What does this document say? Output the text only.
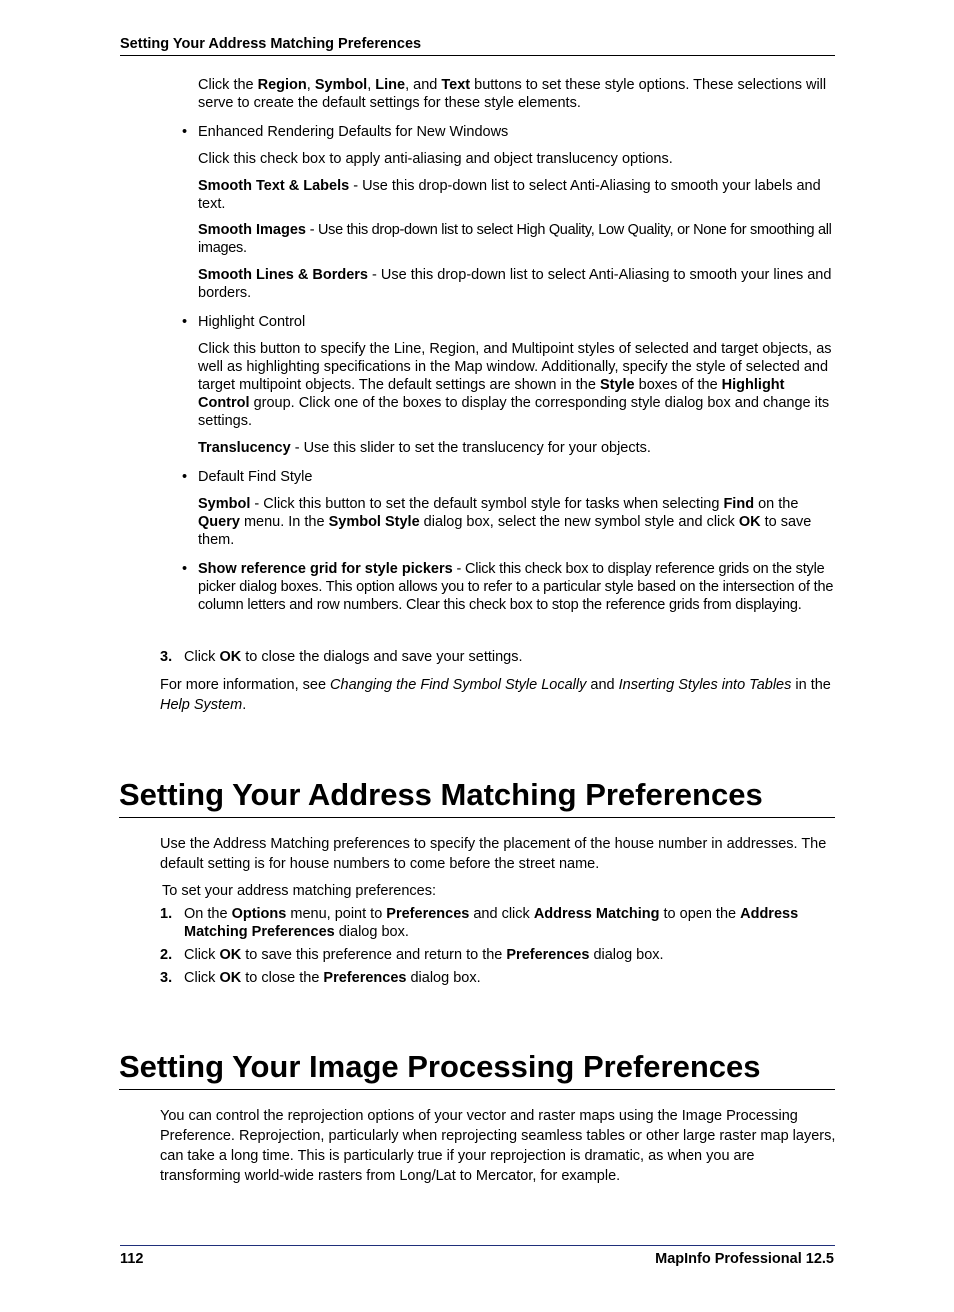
Setting Your Address Matching Preferences

Click the Region, Symbol, Line, and Text buttons to set these style options. These selections will serve to create the default settings for these style elements.

• Enhanced Rendering Defaults for New Windows

Click this check box to apply anti-aliasing and object translucency options.

Smooth Text & Labels - Use this drop-down list to select Anti-Aliasing to smooth your labels and text.

Smooth Images - Use this drop-down list to select High Quality, Low Quality, or None for smoothing all images.

Smooth Lines & Borders - Use this drop-down list to select Anti-Aliasing to smooth your lines and borders.

• Highlight Control

Click this button to specify the Line, Region, and Multipoint styles of selected and target objects, as well as highlighting specifications in the Map window. Additionally, specify the style of selected and target multipoint objects. The default settings are shown in the Style boxes of the Highlight Control group. Click one of the boxes to display the corresponding style dialog box and change its settings.

Translucency - Use this slider to set the translucency for your objects.

• Default Find Style

Symbol - Click this button to set the default symbol style for tasks when selecting Find on the Query menu. In the Symbol Style dialog box, select the new symbol style and click OK to save them.

• Show reference grid for style pickers - Click this check box to display reference grids on the style picker dialog boxes. This option allows you to refer to a particular style based on the intersection of the column letters and row numbers. Clear this check box to stop the reference grids from displaying.

3. Click OK to close the dialogs and save your settings.

For more information, see Changing the Find Symbol Style Locally and Inserting Styles into Tables in the Help System.

Setting Your Address Matching Preferences

Use the Address Matching preferences to specify the placement of the house number in addresses. The default setting is for house numbers to come before the street name.

To set your address matching preferences:

1. On the Options menu, point to Preferences and click Address Matching to open the Address Matching Preferences dialog box.

2. Click OK to save this preference and return to the Preferences dialog box.

3. Click OK to close the Preferences dialog box.

Setting Your Image Processing Preferences

You can control the reprojection options of your vector and raster maps using the Image Processing Preference. Reprojection, particularly when reprojecting seamless tables or other large raster map layers, can take a long time. This is particularly true if your reprojection is dramatic, as when you are transforming world-wide rasters from Long/Lat to Mercator, for example.

112	MapInfo Professional 12.5
